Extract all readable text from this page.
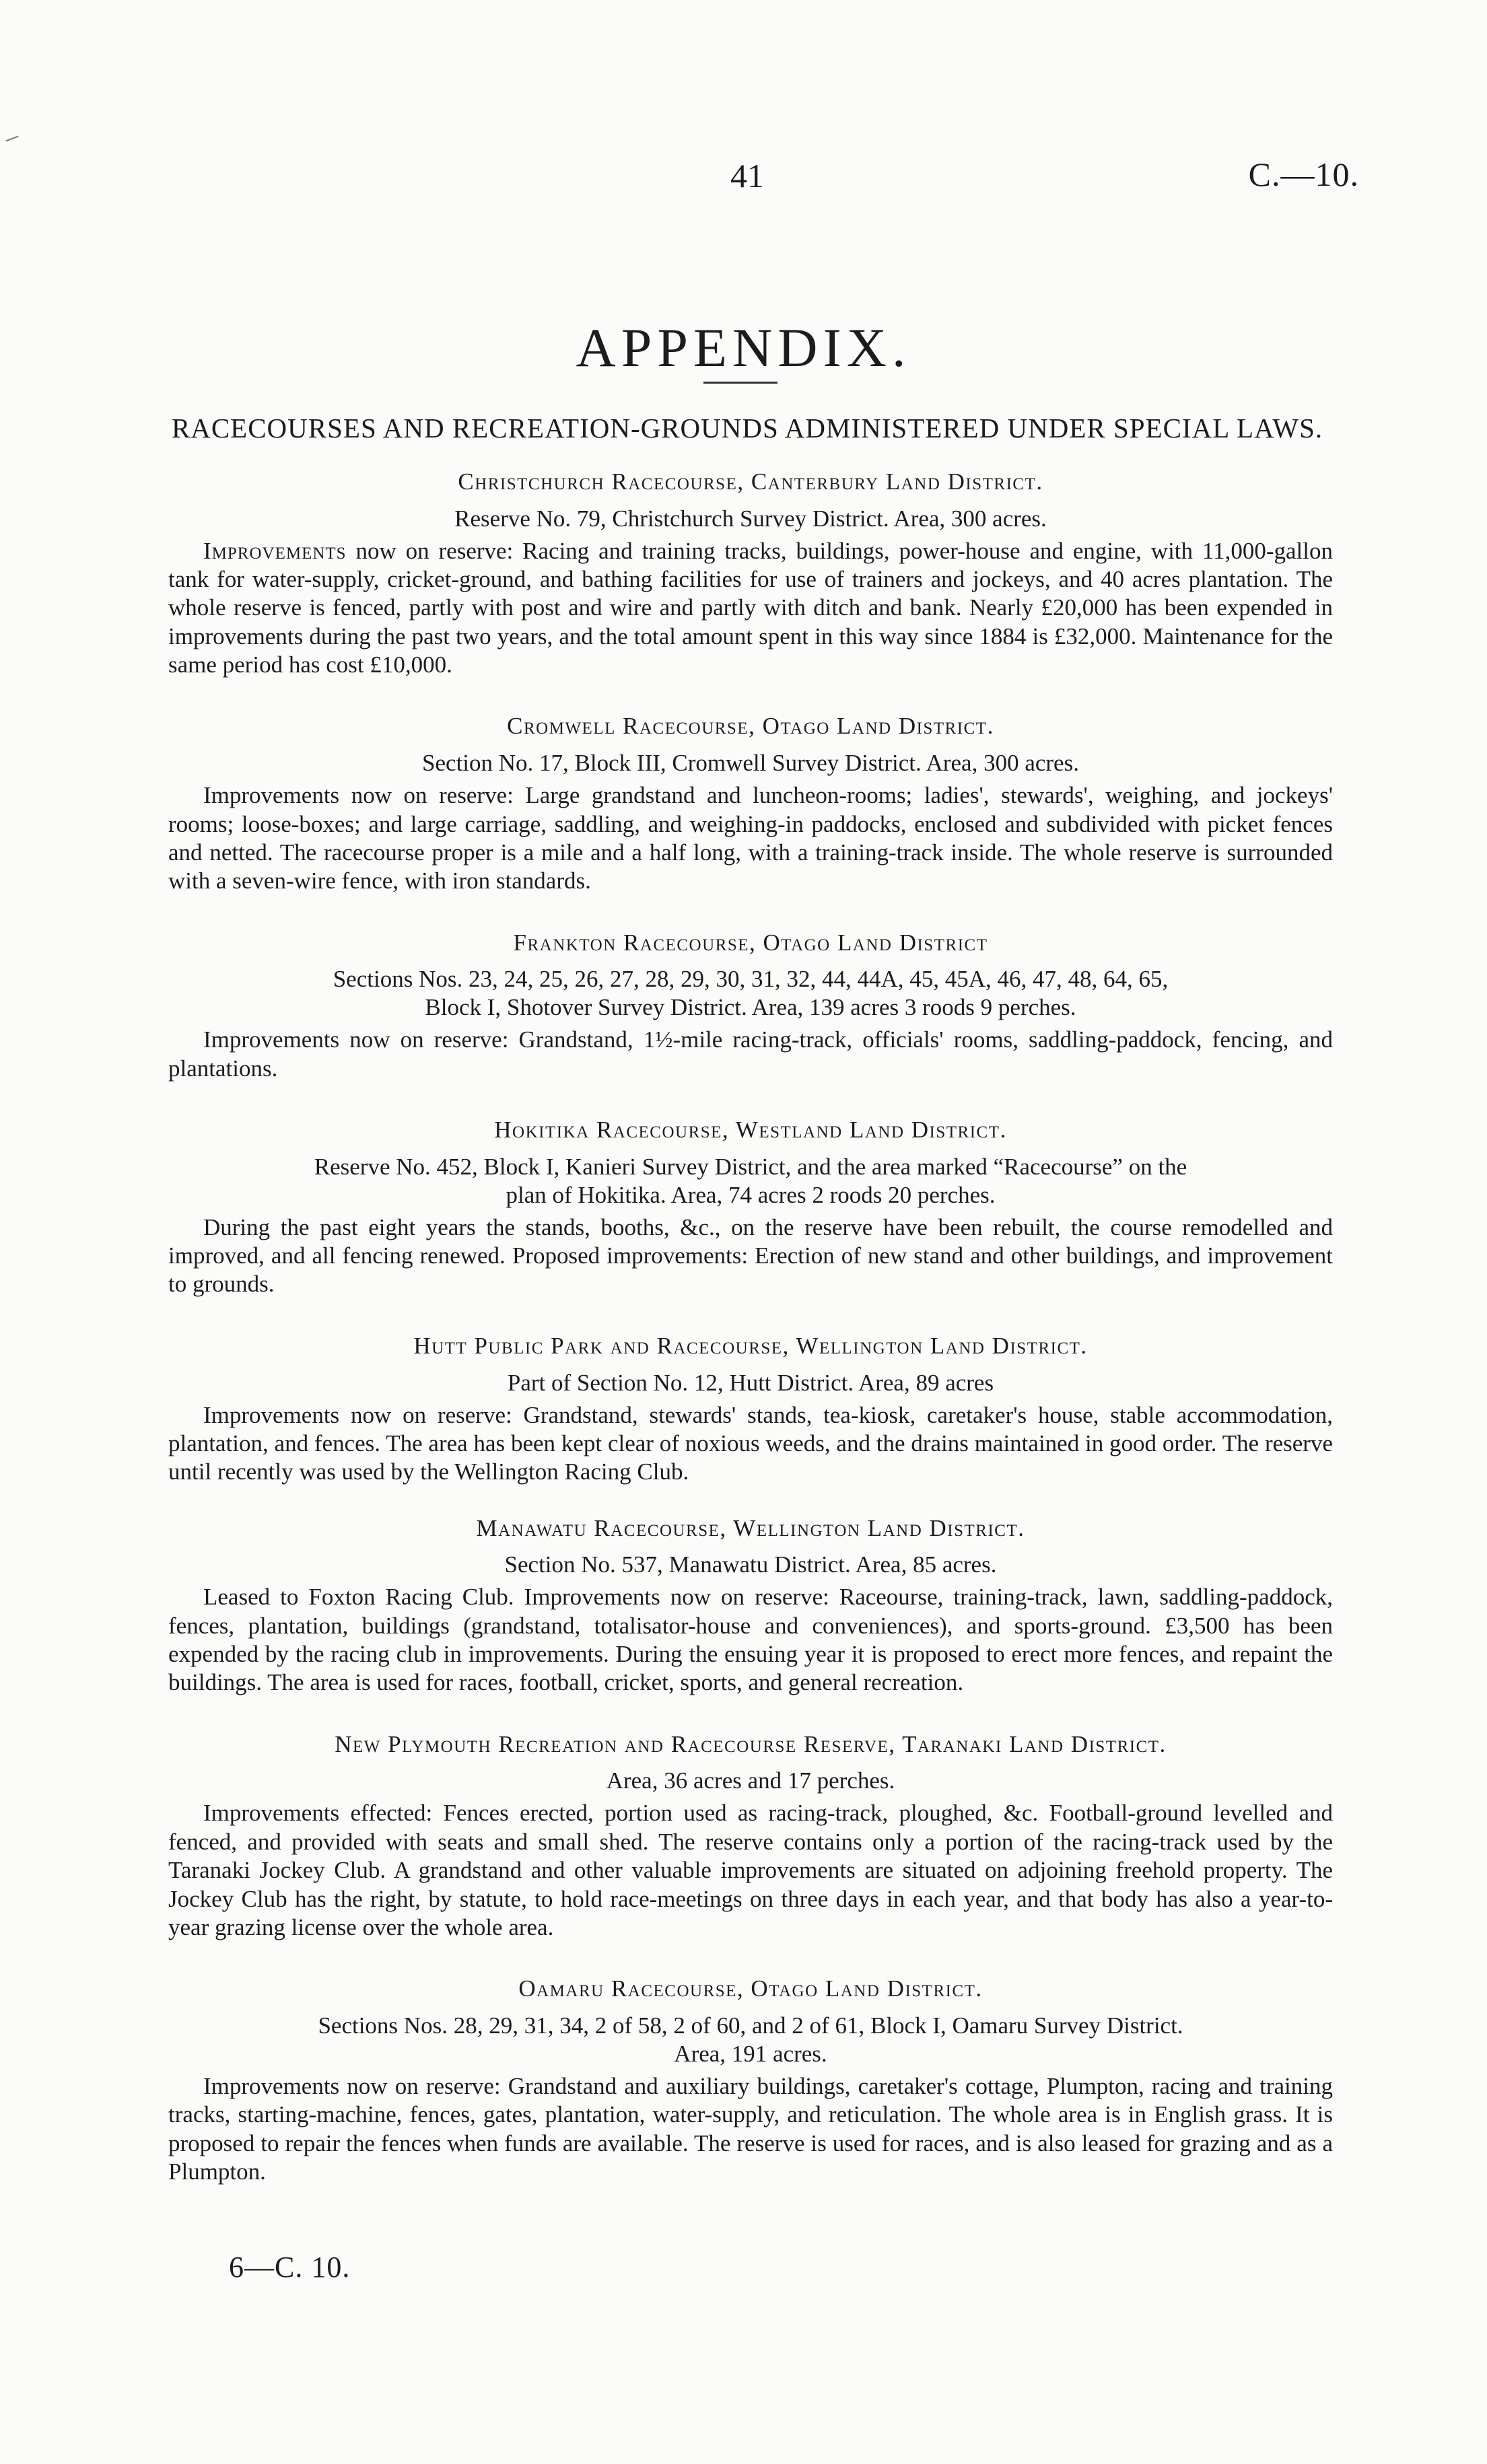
41	C.—10.
APPENDIX.
RACECOURSES AND RECREATION-GROUNDS ADMINISTERED UNDER SPECIAL LAWS.
Christchurch Racecourse, Canterbury Land District.

Reserve No. 79, Christchurch Survey District. Area, 300 acres.

Improvements now on reserve: Racing and training tracks, buildings, power-house and engine, with 11,000-gallon tank for water-supply, cricket-ground, and bathing facilities for use of trainers and jockeys, and 40 acres plantation. The whole reserve is fenced, partly with post and wire and partly with ditch and bank. Nearly £20,000 has been expended in improvements during the past two years, and the total amount spent in this way since 1884 is £32,000. Maintenance for the same period has cost £10,000.

Cromwell Racecourse, Otago Land District.

Section No. 17, Block III, Cromwell Survey District. Area, 300 acres.

Improvements now on reserve: Large grandstand and luncheon-rooms; ladies', stewards', weighing, and jockeys' rooms; loose-boxes; and large carriage, saddling, and weighing-in paddocks, enclosed and subdivided with picket fences and netted. The racecourse proper is a mile and a half long, with a training-track inside. The whole reserve is surrounded with a seven-wire fence, with iron standards.

Frankton Racecourse, Otago Land District

Sections Nos. 23, 24, 25, 26, 27, 28, 29, 30, 31, 32, 44, 44A, 45, 45A, 46, 47, 48, 64, 65,

Block I, Shotover Survey District. Area, 139 acres 3 roods 9 perches.

Improvements now on reserve: Grandstand, 1½-mile racing-track, officials' rooms, saddling-paddock, fencing, and plantations.

Hokitika Racecourse, Westland Land District.

Reserve No. 452, Block I, Kanieri Survey District, and the area marked “Racecourse” on the

plan of Hokitika. Area, 74 acres 2 roods 20 perches.

During the past eight years the stands, booths, &c., on the reserve have been rebuilt, the course remodelled and improved, and all fencing renewed. Proposed improvements: Erection of new stand and other buildings, and improvement to grounds.

Hutt Public Park and Racecourse, Wellington Land District.

Part of Section No. 12, Hutt District. Area, 89 acres

Improvements now on reserve: Grandstand, stewards' stands, tea-kiosk, caretaker's house, stable accommodation, plantation, and fences. The area has been kept clear of noxious weeds, and the drains maintained in good order. The reserve until recently was used by the Wellington Racing Club.

Manawatu Racecourse, Wellington Land District.

Section No. 537, Manawatu District. Area, 85 acres.

Leased to Foxton Racing Club. Improvements now on reserve: Raceourse, training-track, lawn, saddling-paddock, fences, plantation, buildings (grandstand, totalisator-house and conveniences), and sports-ground. £3,500 has been expended by the racing club in improvements. During the ensuing year it is proposed to erect more fences, and repaint the buildings. The area is used for races, football, cricket, sports, and general recreation.

New Plymouth Recreation and Racecourse Reserve, Taranaki Land District.

Area, 36 acres and 17 perches.

Improvements effected: Fences erected, portion used as racing-track, ploughed, &c. Football-ground levelled and fenced, and provided with seats and small shed. The reserve contains only a portion of the racing-track used by the Taranaki Jockey Club. A grandstand and other valuable improvements are situated on adjoining freehold property. The Jockey Club has the right, by statute, to hold race-meetings on three days in each year, and that body has also a year-to-year grazing license over the whole area.

Oamaru Racecourse, Otago Land District.

Sections Nos. 28, 29, 31, 34, 2 of 58, 2 of 60, and 2 of 61, Block I, Oamaru Survey District.

Area, 191 acres.

Improvements now on reserve: Grandstand and auxiliary buildings, caretaker's cottage, Plumpton, racing and training tracks, starting-machine, fences, gates, plantation, water-supply, and reticulation. The whole area is in English grass. It is proposed to repair the fences when funds are available. The reserve is used for races, and is also leased for grazing and as a Plumpton.

6—C. 10.
